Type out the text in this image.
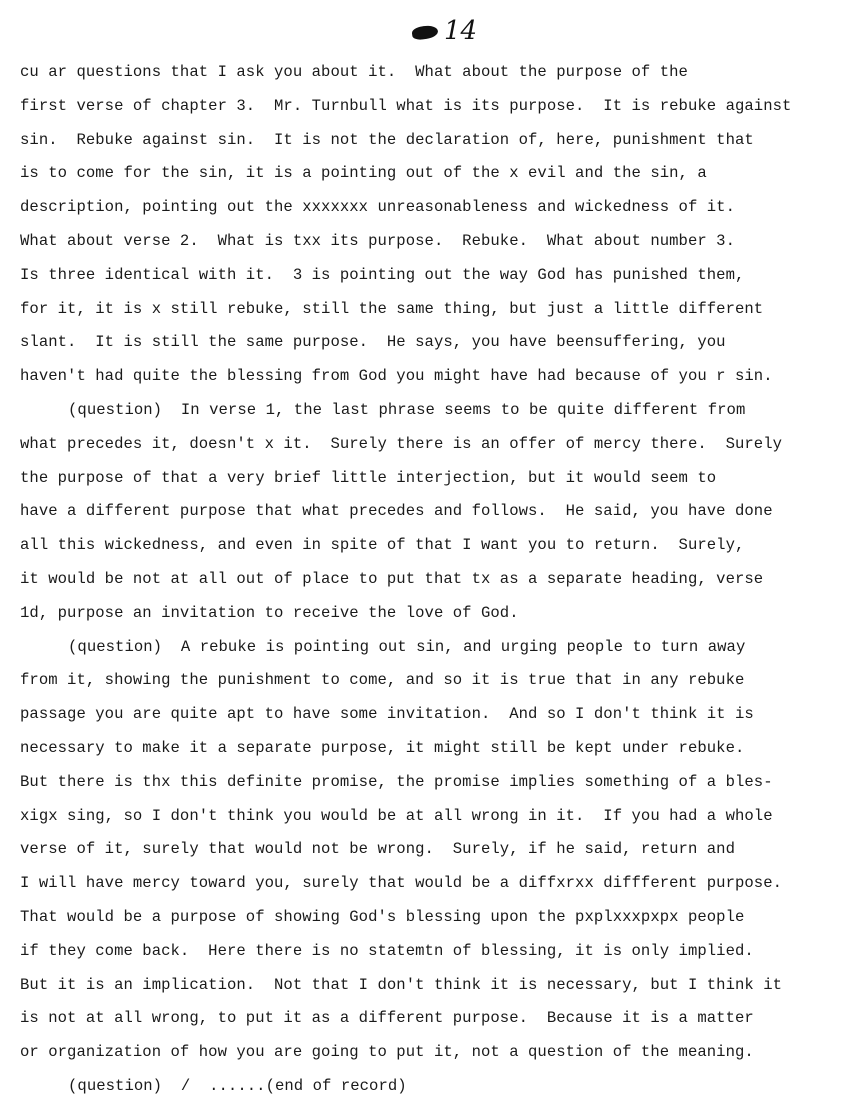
14
cu ar questions that I ask you about it.  What about the purpose of the
first verse of chapter 3.  Mr. Turnbull what is its purpose.  It is rebuke against
sin.  Rebuke against sin.  It is not the declaration of, here, punishment that
is to come for the sin, it is a pointing out of the x evil and the sin, a
description, pointing out the xxxxxxx unreasonableness and wickedness of it.
What about verse 2.  What is txx its purpose.  Rebuke.  What about number 3.
Is three identical with it.  3 is pointing out the way God has punished them,
for it, it is x still rebuke, still the same thing, but just a little different
slant.  It is still the same purpose.  He says, you have beensuffering, you
haven't had quite the blessing from God you might have had because of you r sin.
(question)  In verse 1, the last phrase seems to be quite different from
what precedes it, doesn't x it.  Surely there is an offer of mercy there.  Surely
the purpose of that a very brief little interjection, but it would seem to
have a different purpose that what precedes and follows.  He said, you have done
all this wickedness, and even in spite of that I want you to return.  Surely,
it would be not at all out of place to put that tx as a separate heading, verse
1d, purpose an invitation to receive the love of God.
(question)  A rebuke is pointing out sin, and urging people to turn away
from it, showing the punishment to come, and so it is true that in any rebuke
passage you are quite apt to have some invitation.  And so I don't think it is
necessary to make it a separate purpose, it might still be kept under rebuke.
But there is thx this definite promise, the promise implies something of a bles-
xigx sing, so I don't think you would be at all wrong in it.  If you had a whole
verse of it, surely that would not be wrong.  Surely, if he said, return and
I will have mercy toward you, surely that would be a diffxrxx diffferent purpose.
That would be a purpose of showing God's blessing upon the pxplxxxpxpx people
if they come back.  Here there is no statemtn of blessing, it is only implied.
But it is an implication.  Not that I don't think it is necessary, but I think it
is not at all wrong, to put it as a different purpose.  Because it is a matter
or organization of how you are going to put it, not a question of the meaning.
(question)  /  ......(end of record)
